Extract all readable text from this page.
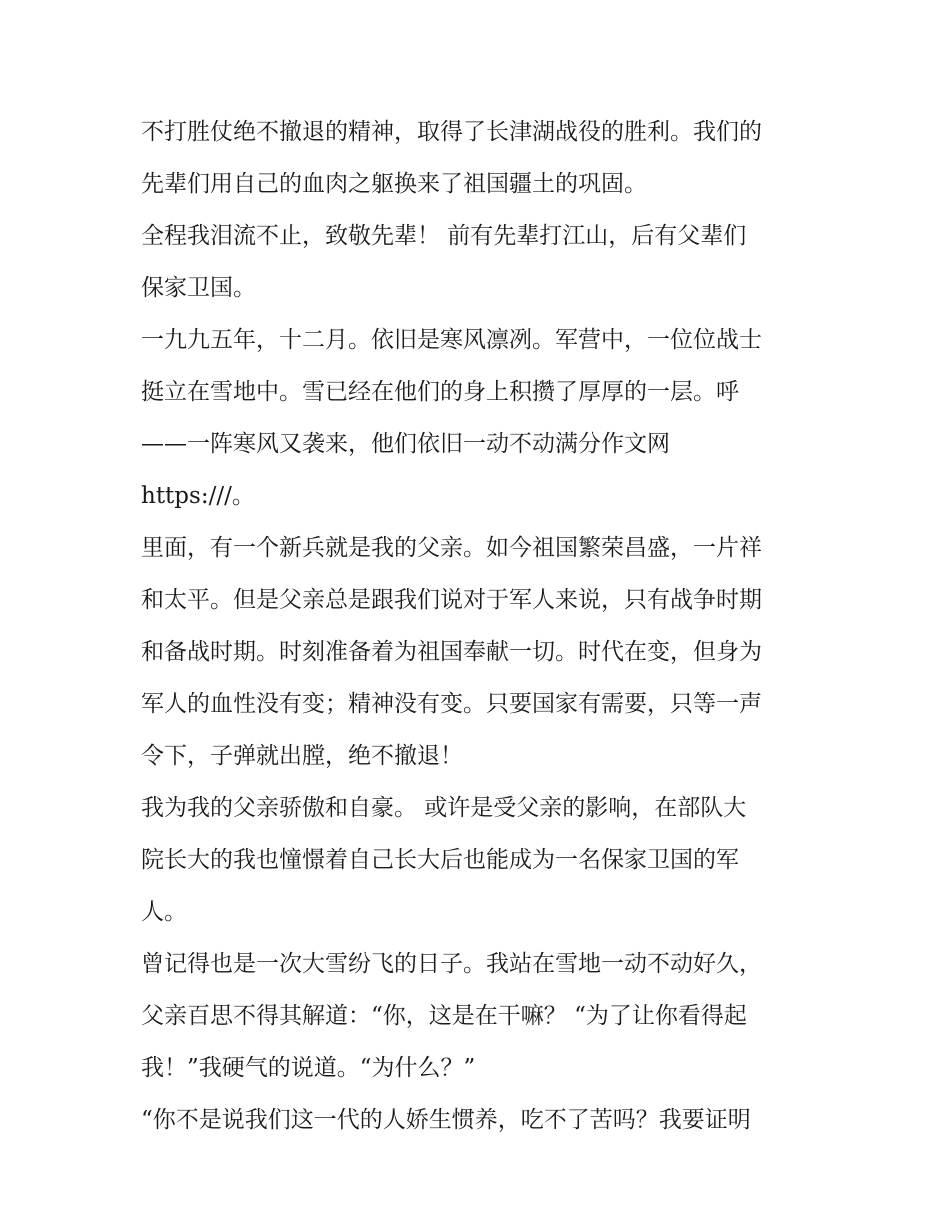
不打胜仗绝不撤退的精神，取得了长津湖战役的胜利。我们的
先辈们用自己的血肉之躯换来了祖国疆土的巩固。
全程我泪流不止，致敬先辈！ 前有先辈打江山，后有父辈们
保家卫国。
一九九五年，十二月。依旧是寒风凛冽。军营中，一位位战士
挺立在雪地中。雪已经在他们的身上积攒了厚厚的一层。呼
——一阵寒风又袭来，他们依旧一动不动满分作文网
https:///。
里面，有一个新兵就是我的父亲。如今祖国繁荣昌盛，一片祥
和太平。但是父亲总是跟我们说对于军人来说，只有战争时期
和备战时期。时刻准备着为祖国奉献一切。时代在变，但身为
军人的血性没有变；精神没有变。只要国家有需要，只等一声
令下，子弹就出膛，绝不撤退！
我为我的父亲骄傲和自豪。 或许是受父亲的影响，在部队大
院长大的我也憧憬着自己长大后也能成为一名保家卫国的军
人。
曾记得也是一次大雪纷飞的日子。我站在雪地一动不动好久，
父亲百思不得其解道：“你，这是在干嘛？ “为了让你看得起
我！”我硬气的说道。“为什么？”
“你不是说我们这一代的人娇生惯养，吃不了苦吗？我要证明
